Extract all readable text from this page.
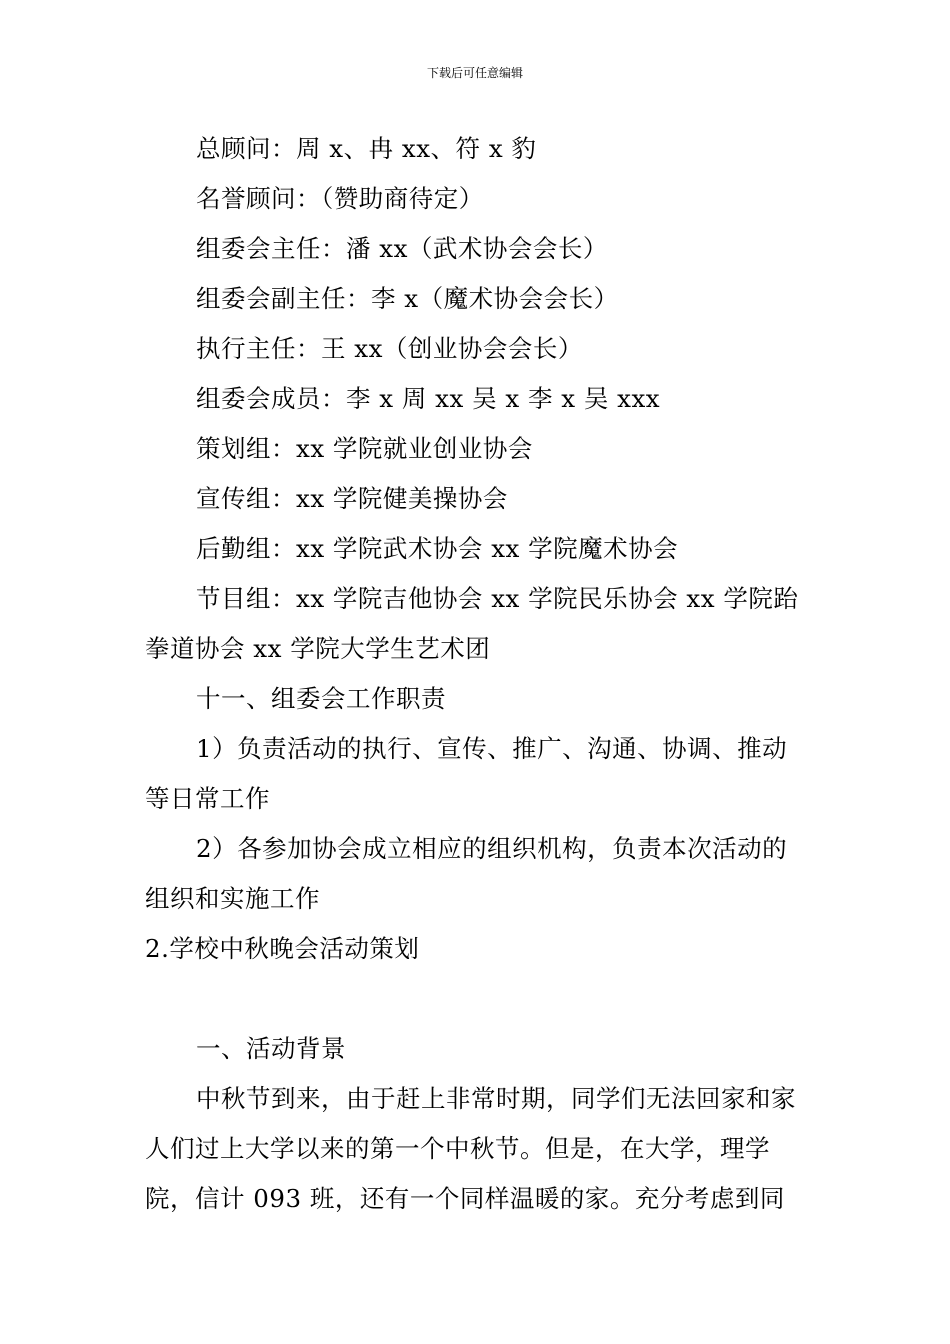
下载后可任意编辑

总顾问：周 x、冉 xx、符 x 豹

名誉顾问：（赞助商待定）

组委会主任：潘 xx（武术协会会长）

组委会副主任：李 x（魔术协会会长）

执行主任：王 xx（创业协会会长）

组委会成员：李 x 周 xx 吴 x 李 x 吴 xxx

策划组：xx 学院就业创业协会

宣传组：xx 学院健美操协会

后勤组：xx 学院武术协会 xx 学院魔术协会

节目组：xx 学院吉他协会 xx 学院民乐协会 xx 学院跆拳道协会 xx 学院大学生艺术团

十一、组委会工作职责

1）负责活动的执行、宣传、推广、沟通、协调、推动等日常工作

2）各参加协会成立相应的组织机构，负责本次活动的组织和实施工作

2.学校中秋晚会活动策划

一、活动背景

中秋节到来，由于赶上非常时期，同学们无法回家和家人们过上大学以来的第一个中秋节。但是，在大学，理学院，信计 093 班，还有一个同样温暖的家。充分考虑到同
